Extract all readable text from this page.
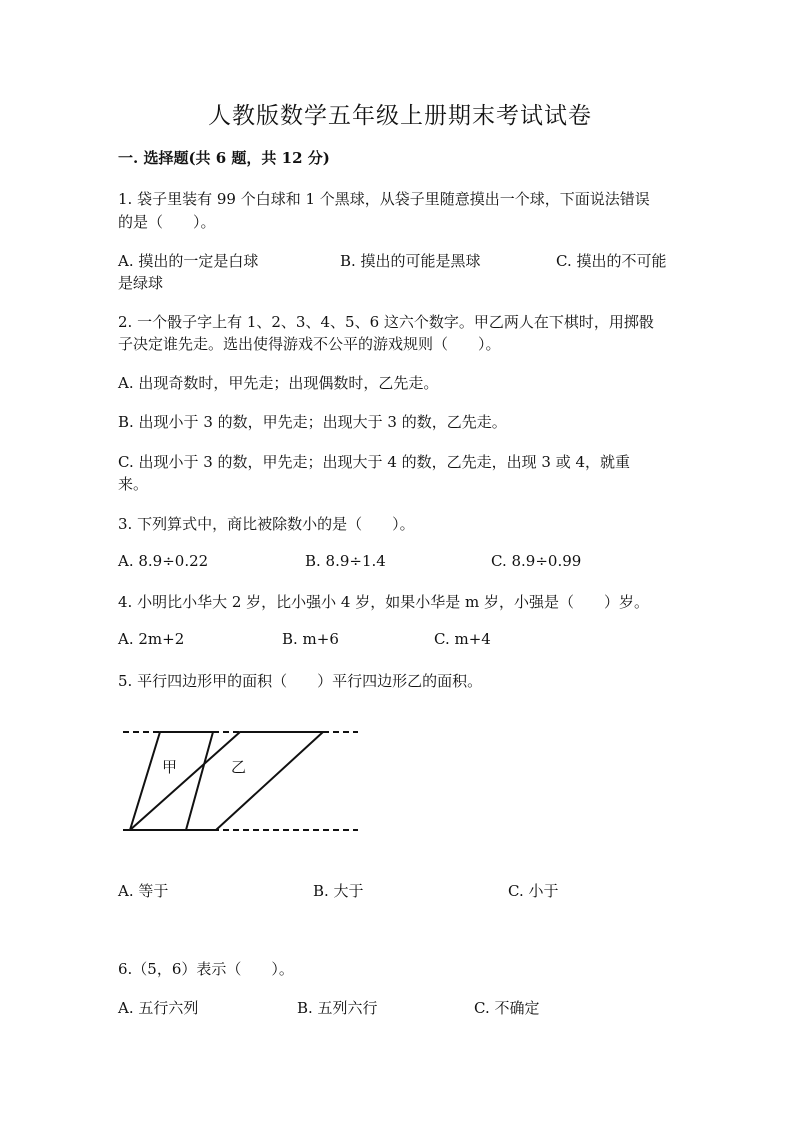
人教版数学五年级上册期末考试试卷
一. 选择题(共 6 题，共 12 分)
1. 袋子里装有 99 个白球和 1 个黑球，从袋子里随意摸出一个球，下面说法错误
的是（　　）。
A. 摸出的一定是白球	B. 摸出的可能是黑球	C. 摸出的不可能
是绿球
2. 一个骰子字上有 1、2、3、4、5、6 这六个数字。甲乙两人在下棋时，用掷骰
子决定谁先走。选出使得游戏不公平的游戏规则（　　）。
A. 出现奇数时，甲先走；出现偶数时，乙先走。
B. 出现小于 3 的数，甲先走；出现大于 3 的数，乙先走。
C. 出现小于 3 的数，甲先走；出现大于 4 的数，乙先走，出现 3 或 4，就重
来。
3. 下列算式中，商比被除数小的是（　　）。
A. 8.9÷0.22	B. 8.9÷1.4	C. 8.9÷0.99
4. 小明比小华大 2 岁，比小强小 4 岁，如果小华是 m 岁，小强是（　　）岁。
A. 2m+2	B. m+6	C. m+4
5. 平行四边形甲的面积（　　）平行四边形乙的面积。
甲	乙
A. 等于	B. 大于	C. 小于
6.（5，6）表示（　　）。
A. 五行六列	B. 五列六行	C. 不确定
